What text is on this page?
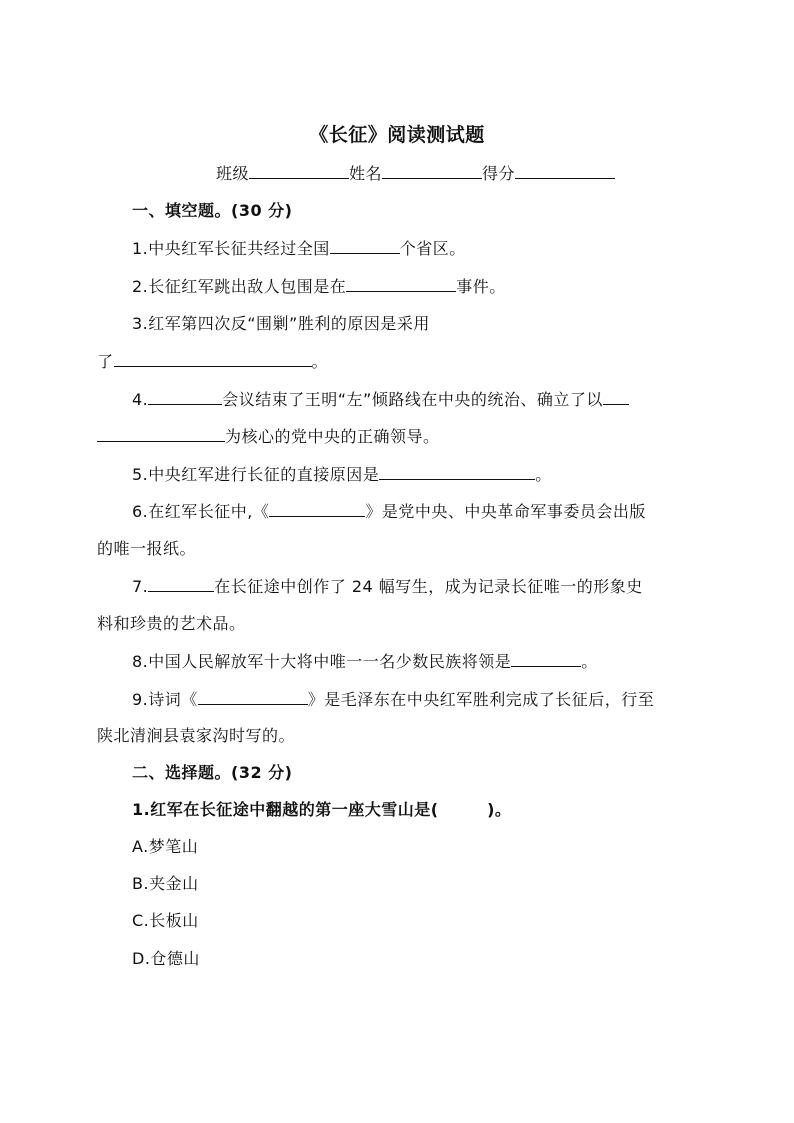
《长征》阅读测试题
班级	姓名	得分
一、填空题。(30 分)
1.中央红军长征共经过全国	个省区。
2.长征红军跳出敌人包围是在	事件。
3.红军第四次反“围剿”胜利的原因是采用
了	。
4.	会议结束了王明“左”倾路线在中央的统治、确立了以
为核心的党中央的正确领导。
5.中央红军进行长征的直接原因是	。
6.在红军长征中,《	》是党中央、中央革命军事委员会出版
的唯一报纸。
7.	在长征途中创作了 24 幅写生，成为记录长征唯一的形象史
料和珍贵的艺术品。
8.中国人民解放军十大将中唯一一名少数民族将领是	。
9.诗词《	》是毛泽东在中央红军胜利完成了长征后，行至
陕北清涧县袁家沟时写的。
二、选择题。(32 分)
1.红军在长征途中翻越的第一座大雪山是(        )。
A.梦笔山
B.夹金山
C.长板山
D.仓德山
